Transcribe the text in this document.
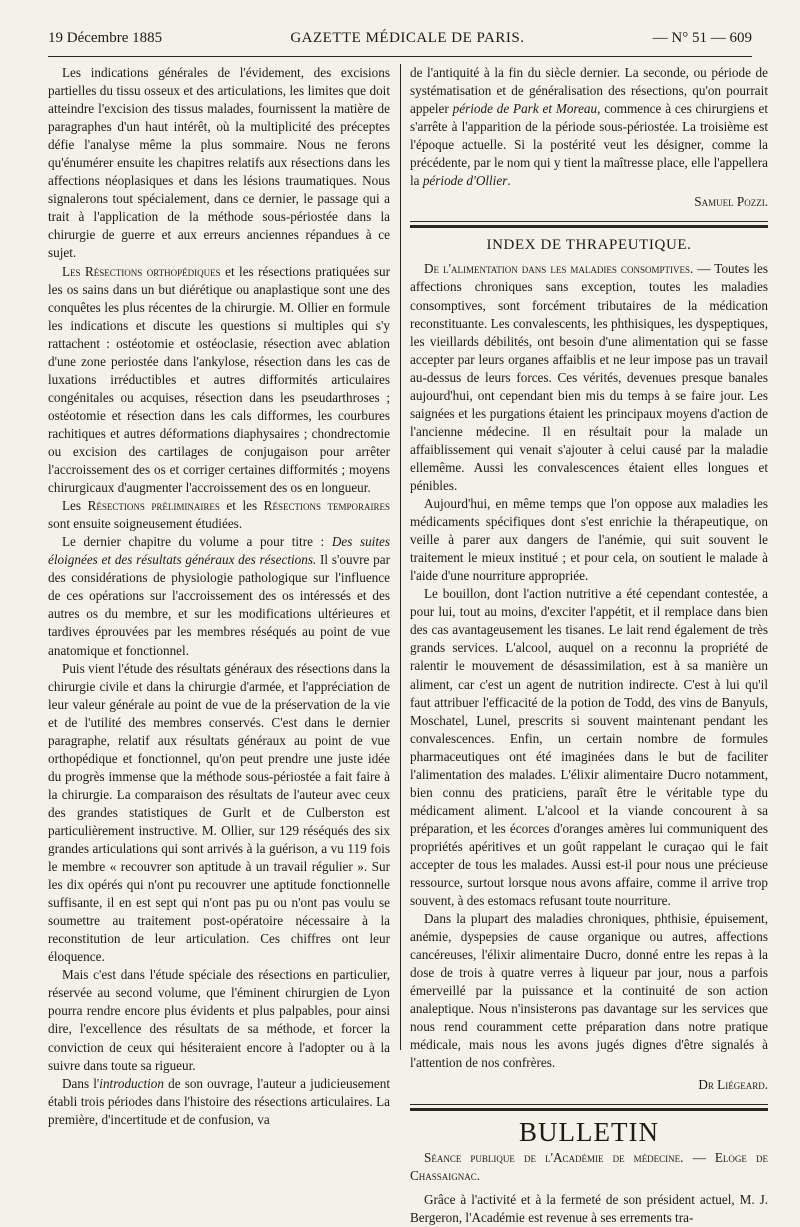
19 Décembre 1885	GAZETTE MÉDICALE DE PARIS.	— N° 51 — 609

Les indications générales de l'évidement, des excisions partielles du tissu osseux et des articulations, les limites que doit atteindre l'excision des tissus malades, fournissent la matière de paragraphes d'un haut intérêt, où la multiplicité des préceptes défie l'analyse même la plus sommaire. Nous ne ferons qu'énumérer ensuite les chapitres relatifs aux résections dans les affections néoplasiques et dans les lésions traumatiques. Nous signalerons tout spécialement, dans ce dernier, le passage qui a trait à l'application de la méthode sous-périostée dans la chirurgie de guerre et aux erreurs anciennes répandues à ce sujet.

Les Résections orthopédiques et les résections pratiquées sur les os sains dans un but diérétique ou anaplastique sont une des conquêtes les plus récentes de la chirurgie. M. Ollier en formule les indications et discute les questions si multiples qui s'y rattachent : ostéotomie et ostéoclasie, résection avec ablation d'une zone periostée dans l'ankylose, résection dans les cas de luxations irréductibles et autres difformités articulaires congénitales ou acquises, résection dans les pseudarthroses ; ostéotomie et résection dans les cals difformes, les courbures rachitiques et autres déformations diaphysaires ; chondrectomie ou excision des cartilages de conjugaison pour arrêter l'accroissement des os et corriger certaines difformités ; moyens chirurgicaux d'augmenter l'accroissement des os en longueur.

Les Résections préliminaires et les Résections temporaires sont ensuite soigneusement étudiées.

Le dernier chapitre du volume a pour titre : Des suites éloignées et des résultats généraux des résections. Il s'ouvre par des considérations de physiologie pathologique sur l'influence de ces opérations sur l'accroissement des os intéressés et des autres os du membre, et sur les modifications ultérieures et tardives éprouvées par les membres réséqués au point de vue anatomique et fonctionnel.

Puis vient l'étude des résultats généraux des résections dans la chirurgie civile et dans la chirurgie d'armée, et l'appréciation de leur valeur générale au point de vue de la préservation de la vie et de l'utilité des membres conservés. C'est dans le dernier paragraphe, relatif aux résultats généraux au point de vue orthopédique et fonctionnel, qu'on peut prendre une juste idée du progrès immense que la méthode sous-périostée a fait faire à la chirurgie. La comparaison des résultats de l'auteur avec ceux des grandes statistiques de Gurlt et de Culberston est particulièrement instructive. M. Ollier, sur 129 réséqués des six grandes articulations qui sont arrivés à la guérison, a vu 119 fois le membre « recouvrer son aptitude à un travail régulier ». Sur les dix opérés qui n'ont pu recouvrer une aptitude fonctionnelle suffisante, il en est sept qui n'ont pas pu ou n'ont pas voulu se soumettre au traitement post-opératoire nécessaire à la reconstitution de leur articulation. Ces chiffres ont leur éloquence.

Mais c'est dans l'étude spéciale des résections en particulier, réservée au second volume, que l'éminent chirurgien de Lyon pourra rendre encore plus évidents et plus palpables, pour ainsi dire, l'excellence des résultats de sa méthode, et forcer la conviction de ceux qui hésiteraient encore à l'adopter ou à la suivre dans toute sa rigueur.

Dans l'introduction de son ouvrage, l'auteur a judicieusement établi trois périodes dans l'histoire des résections articulaires. La première, d'incertitude et de confusion, va

de l'antiquité à la fin du siècle dernier. La seconde, ou période de systématisation et de généralisation des résections, qu'on pourrait appeler période de Park et Moreau, commence à ces chirurgiens et s'arrête à l'apparition de la période sous-périostée. La troisième est l'époque actuelle. Si la postérité veut les désigner, comme la précédente, par le nom qui y tient la maîtresse place, elle l'appellera la période d'Ollier.

Samuel Pozzi.

INDEX DE THRAPEUTIQUE.

De l'alimentation dans les maladies consomptives. — Toutes les affections chroniques sans exception, toutes les maladies consomptives, sont forcément tributaires de la médication reconstituante. Les convalescents, les phthisiques, les dyspeptiques, les vieillards débilités, ont besoin d'une alimentation qui se fasse accepter par leurs organes affaiblis et ne leur impose pas un travail au-dessus de leurs forces. Ces vérités, devenues presque banales aujourd'hui, ont cependant bien mis du temps à se faire jour. Les saignées et les purgations étaient les principaux moyens d'action de l'ancienne médecine. Il en résultait pour la malade un affaiblissement qui venait s'ajouter à celui causé par la maladie ellemême. Aussi les convalescences étaient elles longues et pénibles.

Aujourd'hui, en même temps que l'on oppose aux maladies les médicaments spécifiques dont s'est enrichie la thérapeutique, on veille à parer aux dangers de l'anémie, qui suit souvent le traitement le mieux institué ; et pour cela, on soutient le malade à l'aide d'une nourriture appropriée.

Le bouillon, dont l'action nutritive a été cependant contestée, a pour lui, tout au moins, d'exciter l'appétit, et il remplace dans bien des cas avantageusement les tisanes. Le lait rend également de très grands services. L'alcool, auquel on a reconnu la propriété de ralentir le mouvement de désassimilation, est à sa manière un aliment, car c'est un agent de nutrition indirecte. C'est à lui qu'il faut attribuer l'efficacité de la potion de Todd, des vins de Banyuls, Moschatel, Lunel, prescrits si souvent maintenant pendant les convalescences. Enfin, un certain nombre de formules pharmaceutiques ont été imaginées dans le but de faciliter l'alimentation des malades. L'élixir alimentaire Ducro notamment, bien connu des praticiens, paraît être le véritable type du médicament aliment. L'alcool et la viande concourent à sa préparation, et les écorces d'oranges amères lui communiquent des propriétés apéritives et un goût rappelant le curaçao qui le fait accepter de tous les malades. Aussi est-il pour nous une précieuse ressource, surtout lorsque nous avons affaire, comme il arrive trop souvent, à des estomacs refusant toute nourriture.

Dans la plupart des maladies chroniques, phthisie, épuisement, anémie, dyspepsies de cause organique ou autres, affections cancéreuses, l'élixir alimentaire Ducro, donné entre les repas à la dose de trois à quatre verres à liqueur par jour, nous a parfois émerveillé par la puissance et la continuité de son action analeptique. Nous n'insisterons pas davantage sur les services que nous rend couramment cette préparation dans notre pratique médicale, mais nous les avons jugés dignes d'être signalés à l'attention de nos confrères.

Dr Liégeard.

BULLETIN

Séance publique de l'Académie de médecine. — Eloge de Chassaignac.

Grâce à l'activité et à la fermeté de son président actuel, M. J. Bergeron, l'Académie est revenue à ses errements tra-
